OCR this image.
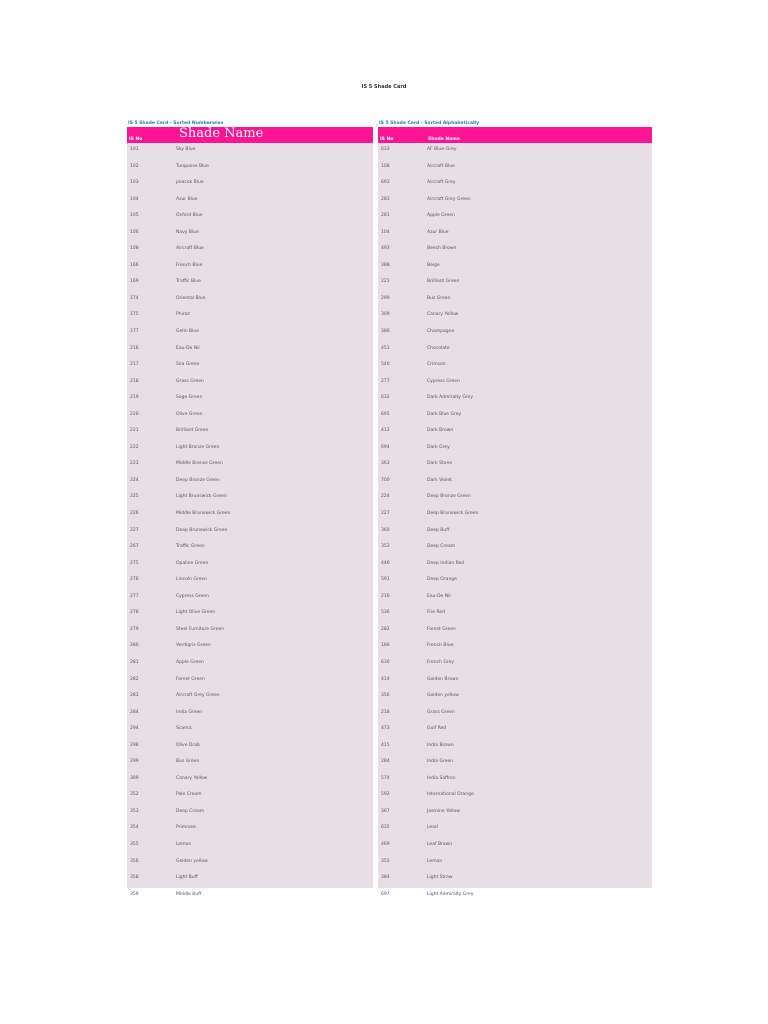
IS 5 Shade Card
IS 5 Shade Card - Sorted Numberwise
IS No	Shade Name
101	Sky Blue
102	Turquoise Blue
103	peacok Blue
104	Azur Blue
105	Oxford Blue
106	Navy Blue
108	Aircraft Blue
166	French Blue
169	Traffic Blue
174	Oriental Blue
175	Phiroz
177	Gelin Blue
216	Eau-De Nil
217	Sea Green
218	Grass Green
219	Sage Green
220	Olive Green
221	Brilliant Green
222	Light Bronze Green
223	Middle Bronze Green
224	Deep Bronze Green
225	Light Brunswick Green
226	Middle Brunswick Green
227	Deep Brunswick Green
267	Traffic Green
275	Opaline Green
276	Lincoln Green
277	Cypress Green
278	Light Olive Green
279	Steel Furniture Green
280	Verdigris Green
281	Apple Green
282	Forest Green
283	Aircraft Grey Green
284	India Green
294	Scamic
298	Olive Drab
299	Bus Green
309	Canary Yellow
352	Pale Cream
353	Deep Cream
354	Primrose
355	Lemon
356	Golden yellow
358	Light Buff
359	Middle Buff
IS 5 Shade Card - Sorted Alphabetically
IS No	Shade Name
633	AF Blue-Grey
108	Aircraft Blue
693	Aircraft Grey
283	Aircraft Grey Green
281	Apple Green
104	Azur Blue
493	Beech Brown
388	Beige
221	Brilliant Green
299	Bus Green
309	Canary Yellow
386	Champagne
451	Chocolate
540	Crimson
277	Cypress Green
632	Dark Admiralty Grey
695	Dark Blue Grey
412	Dark Brown
694	Dark Grey
363	Dark Stone
700	Dark Violet
224	Deep Bronze Green
227	Deep Brunswick Green
360	Deep Buff
353	Deep Cream
446	Deep Indian Red
591	Deep Orange
216	Eau-De Nil
536	Fire Red
282	Forest Green
166	French Blue
630	French Grey
414	Golden Brown
356	Golden yellow
218	Grass Green
473	Gulf Red
415	India Brown
284	India Green
574	India Saffron
592	International Orange
367	Jasmine Yellow
635	Lead
469	Leaf Brown
355	Lemon
384	Light Straw
697	Light Admiralty Grey
